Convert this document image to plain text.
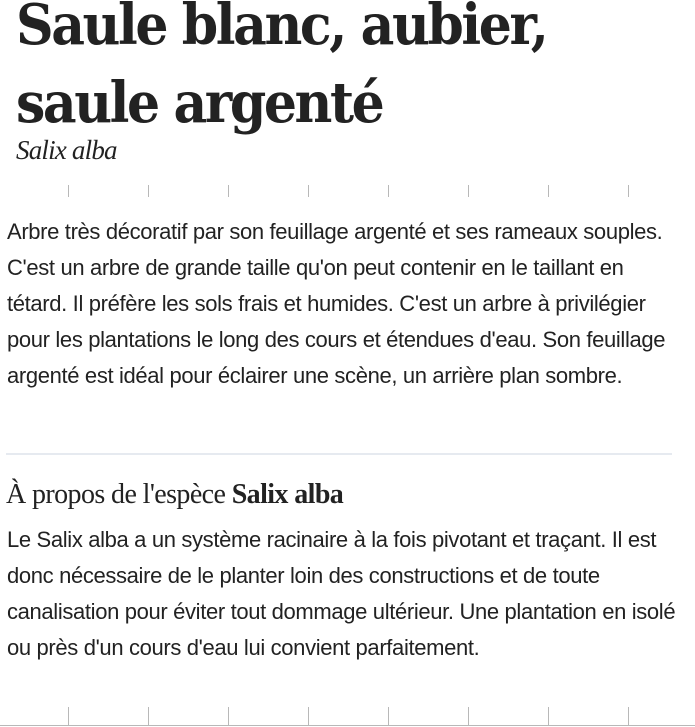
Saule blanc, aubier, saule argenté

Salix alba

Arbre très décoratif par son feuillage argenté et ses rameaux souples. C'est un arbre de grande taille qu'on peut contenir en le taillant en tétard. Il préfère les sols frais et humides. C'est un arbre à privilégier pour les plantations le long des cours et étendues d'eau. Son feuillage argenté est idéal pour éclairer une scène, un arrière plan sombre.

À propos de l'espèce Salix alba

Le Salix alba a un système racinaire à la fois pivotant et traçant. Il est donc nécessaire de le planter loin des constructions et de toute canalisation pour éviter tout dommage ultérieur. Une plantation en isolé ou près d'un cours d'eau lui convient parfaitement.
